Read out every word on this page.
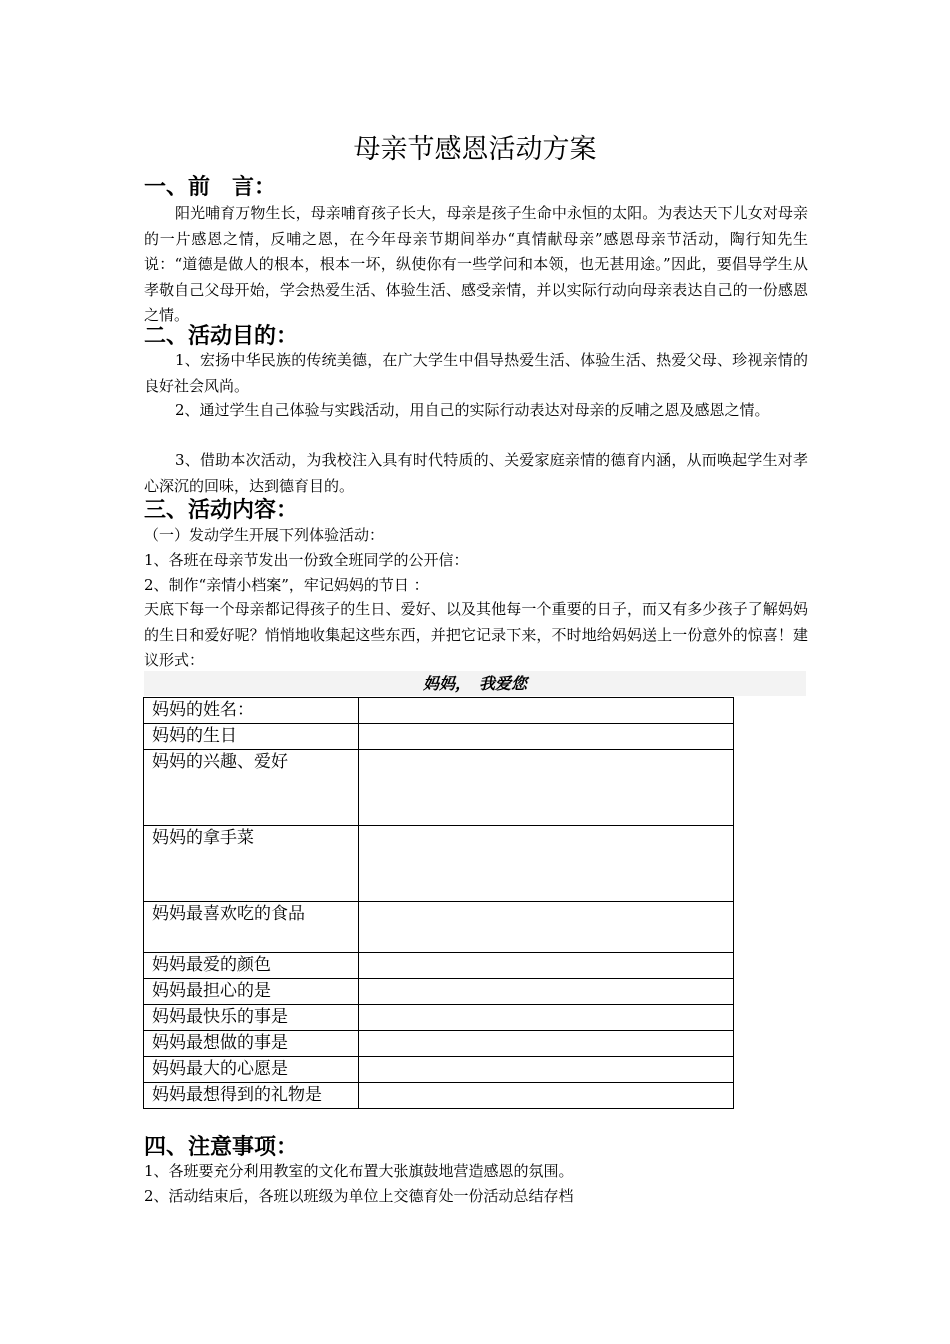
母亲节感恩活动方案
一、前　言：
阳光哺育万物生长，母亲哺育孩子长大，母亲是孩子生命中永恒的太阳。为表达天下儿女对母亲的一片感恩之情，反哺之恩，在今年母亲节期间举办“真情献母亲”感恩母亲节活动，陶行知先生说：“道德是做人的根本，根本一坏，纵使你有一些学问和本领，也无甚用途。”因此，要倡导学生从孝敬自己父母开始，学会热爱生活、体验生活、感受亲情，并以实际行动向母亲表达自己的一份感恩之情。
二、活动目的：
1、宏扬中华民族的传统美德，在广大学生中倡导热爱生活、体验生活、热爱父母、珍视亲情的良好社会风尚。
2、通过学生自己体验与实践活动，用自己的实际行动表达对母亲的反哺之恩及感恩之情。
3、借助本次活动，为我校注入具有时代特质的、关爱家庭亲情的德育内涵，从而唤起学生对孝心深沉的回味，达到德育目的。
三、活动内容：
（一）发动学生开展下列体验活动：
1、各班在母亲节发出一份致全班同学的公开信：
2、制作“亲情小档案”，牢记妈妈的节日 ：
天底下每一个母亲都记得孩子的生日、爱好、以及其他每一个重要的日子，而又有多少孩子了解妈妈的生日和爱好呢？悄悄地收集起这些东西，并把它记录下来，不时地给妈妈送上一份意外的惊喜！建议形式：
妈妈，　我爱您
妈妈的姓名：	
妈妈的生日	
妈妈的兴趣、爱好	
妈妈的拿手菜	
妈妈最喜欢吃的食品	
妈妈最爱的颜色	
妈妈最担心的是	
妈妈最快乐的事是	
妈妈最想做的事是	
妈妈最大的心愿是	
妈妈最想得到的礼物是	
四、注意事项：
1、各班要充分利用教室的文化布置大张旗鼓地营造感恩的氛围。
2、活动结束后，各班以班级为单位上交德育处一份活动总结存档
